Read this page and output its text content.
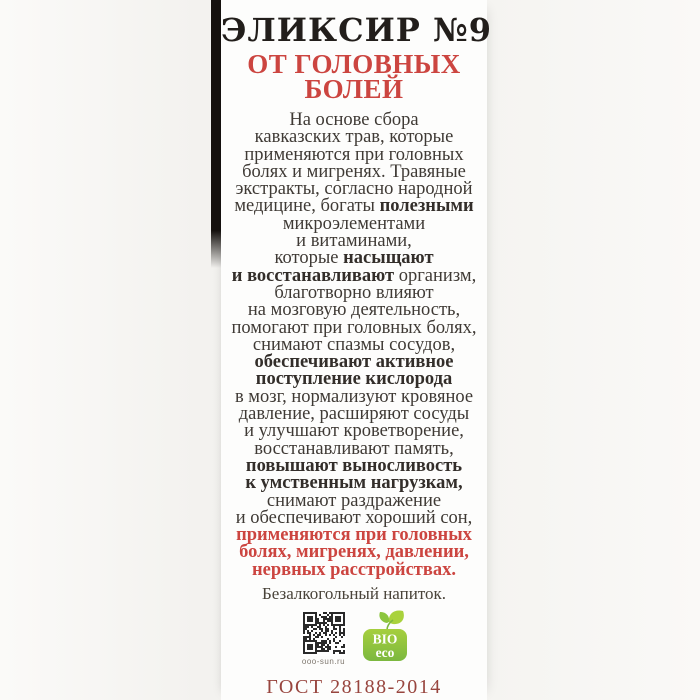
ЭЛИКСИР №9
ОТ ГОЛОВНЫХ
БОЛЕЙ
На основе сбора
кавказских трав, которые
применяются при головных
болях и мигренях. Травяные
экстракты, согласно народной
медицине, богаты полезными
микроэлементами
и витаминами,
которые насыщают
и восстанавливают организм,
благотворно влияют
на мозговую деятельность,
помогают при головных болях,
снимают спазмы сосудов,
обеспечивают активное
поступление кислорода
в мозг, нормализуют кровяное
давление, расширяют сосуды
и улучшают кроветворение,
восстанавливают память,
повышают выносливость
к умственным нагрузкам,
снимают раздражение
и обеспечивают хороший сон,
применяются при головных
болях, мигренях, давлении,
нервных расстройствах.
Безалкогольный напиток.
ooo-sun.ru
BIO
eco
ГОСТ 28188-2014
